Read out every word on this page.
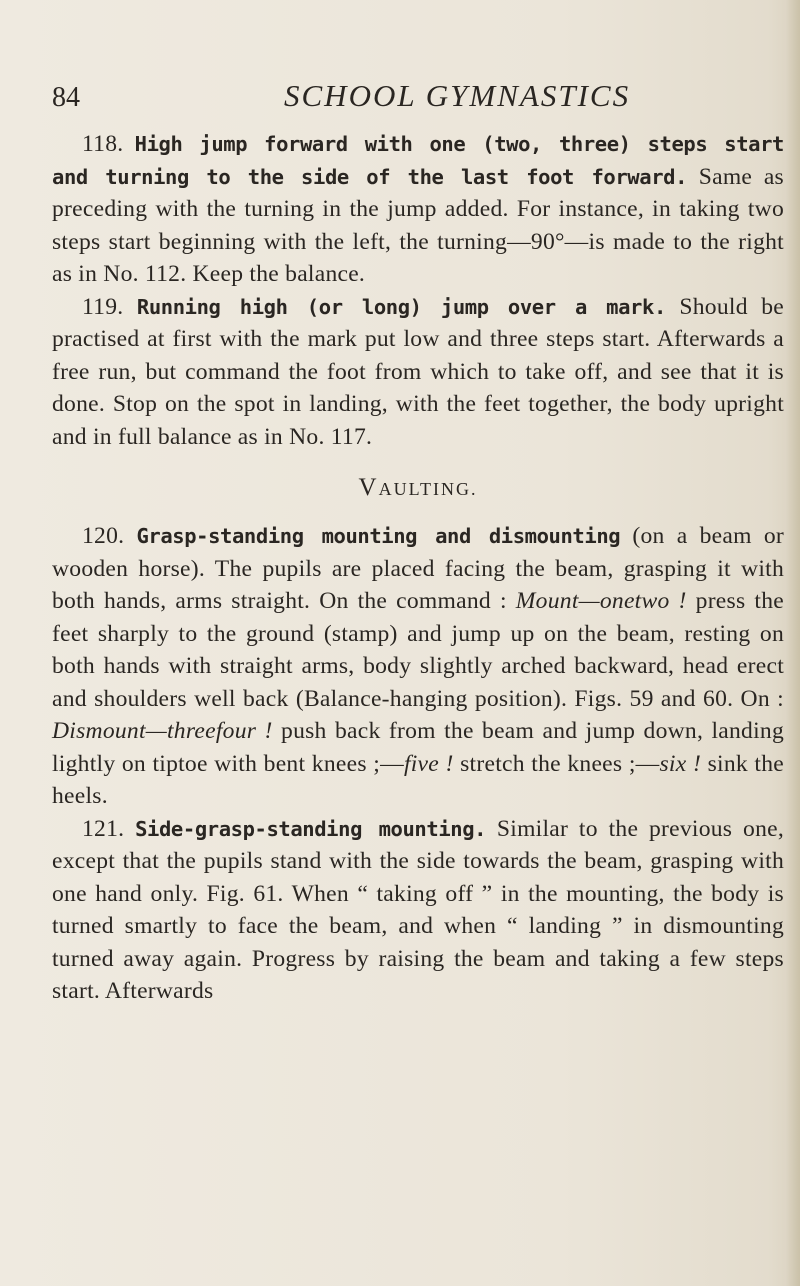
84	SCHOOL GYMNASTICS

118. High jump forward with one (two, three) steps start and turning to the side of the last foot forward. Same as preceding with the turning in the jump added. For instance, in taking two steps start beginning with the left, the turning—90°—is made to the right as in No. 112. Keep the balance.

119. Running high (or long) jump over a mark. Should be practised at first with the mark put low and three steps start. Afterwards a free run, but command the foot from which to take off, and see that it is done. Stop on the spot in landing, with the feet together, the body upright and in full balance as in No. 117.

VAULTING.

120. Grasp-standing mounting and dismounting (on a beam or wooden horse). The pupils are placed facing the beam, grasping it with both hands, arms straight. On the command : Mount—onetwo ! press the feet sharply to the ground (stamp) and jump up on the beam, resting on both hands with straight arms, body slightly arched backward, head erect and shoulders well back (Balance-hanging position). Figs. 59 and 60. On : Dismount—threefour ! push back from the beam and jump down, landing lightly on tiptoe with bent knees ;—five ! stretch the knees ;—six ! sink the heels.

121. Side-grasp-standing mounting. Similar to the previous one, except that the pupils stand with the side towards the beam, grasping with one hand only. Fig. 61. When “ taking off ” in the mounting, the body is turned smartly to face the beam, and when “ landing ” in dismounting turned away again. Progress by raising the beam and taking a few steps start. Afterwards
